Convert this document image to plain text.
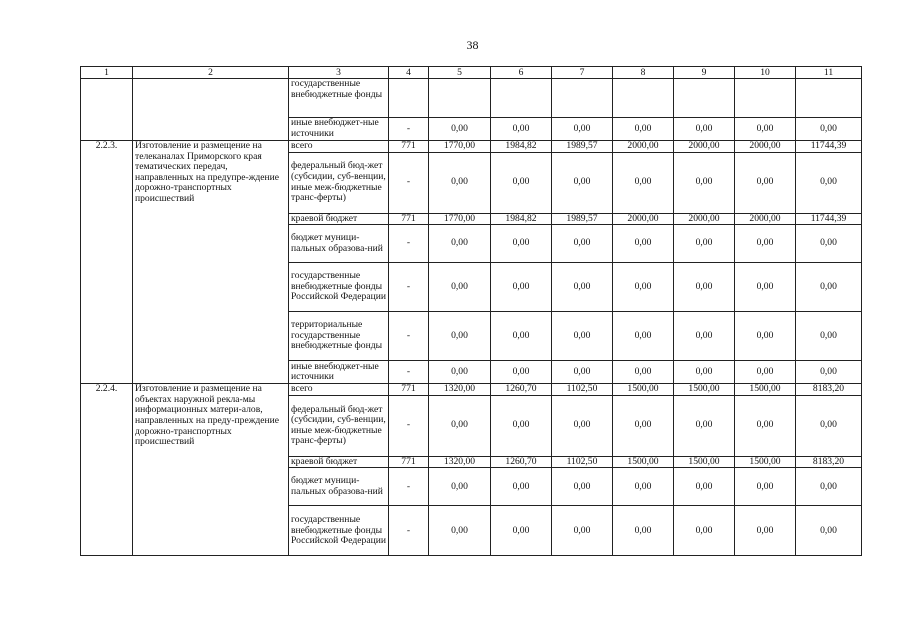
38
1	2	3	4	5	6	7	8	9	10	11
		государственные внебюджетные фонды								
		иные внебюджет-ные источники	-	0,00	0,00	0,00	0,00	0,00	0,00	0,00
2.2.3.	Изготовление и размещение на телеканалах Приморского края тематических передач, направленных на предупре-ждение дорожно-транспортных происшествий	всего	771	1770,00	1984,82	1989,57	2000,00	2000,00	2000,00	11744,39
		федеральный бюд-жет (субсидии, суб-венции, иные меж-бюджетные транс-ферты)	-	0,00	0,00	0,00	0,00	0,00	0,00	0,00
		краевой бюджет	771	1770,00	1984,82	1989,57	2000,00	2000,00	2000,00	11744,39
		бюджет муници-пальных образова-ний	-	0,00	0,00	0,00	0,00	0,00	0,00	0,00
		государственные внебюджетные фонды Российской Федерации	-	0,00	0,00	0,00	0,00	0,00	0,00	0,00
		территориальные государственные внебюджетные фонды	-	0,00	0,00	0,00	0,00	0,00	0,00	0,00
		иные внебюджет-ные источники	-	0,00	0,00	0,00	0,00	0,00	0,00	0,00
2.2.4.	Изготовление и размещение на объектах наружной рекла-мы информационных матери-алов, направленных на преду-преждение дорожно-транспортных происшествий	всего	771	1320,00	1260,70	1102,50	1500,00	1500,00	1500,00	8183,20
		федеральный бюд-жет (субсидии, суб-венции, иные меж-бюджетные транс-ферты)	-	0,00	0,00	0,00	0,00	0,00	0,00	0,00
		краевой бюджет	771	1320,00	1260,70	1102,50	1500,00	1500,00	1500,00	8183,20
		бюджет муници-пальных образова-ний	-	0,00	0,00	0,00	0,00	0,00	0,00	0,00
		государственные внебюджетные фонды Российской Федерации	-	0,00	0,00	0,00	0,00	0,00	0,00	0,00
